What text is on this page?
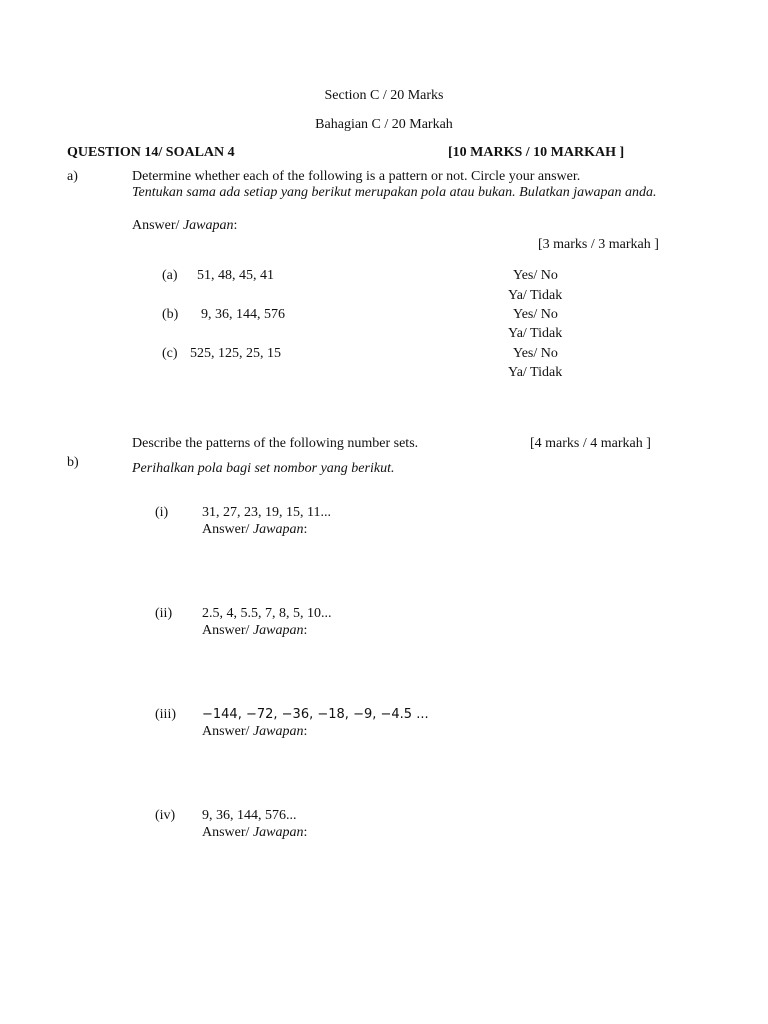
Section C / 20 Marks
Bahagian C / 20 Markah
QUESTION 14/ SOALAN 4	[10 MARKS / 10 MARKAH ]
a)	Determine whether each of the following is a pattern or not. Circle your answer.
Tentukan sama ada setiap yang berikut merupakan pola atau bukan. Bulatkan jawapan anda.
Answer/ Jawapan:
[3 marks / 3 markah ]
(a) 51, 48, 45, 41	Yes/ No
Ya/ Tidak
(b) 9, 36, 144, 576	Yes/ No
Ya/ Tidak
(c) 525, 125, 25, 15	Yes/ No
Ya/ Tidak
Describe the patterns of the following number sets.	[4 marks / 4 markah ]
b)	Perihalkan pola bagi set nombor yang berikut.
(i) 31, 27, 23, 19, 15, 11...
Answer/ Jawapan:
(ii) 2.5, 4, 5.5, 7, 8, 5, 10...
Answer/ Jawapan:
(iii) −144, −72, −36, −18, −9, −4.5 ...
Answer/ Jawapan:
(iv) 9, 36, 144, 576...
Answer/ Jawapan:
